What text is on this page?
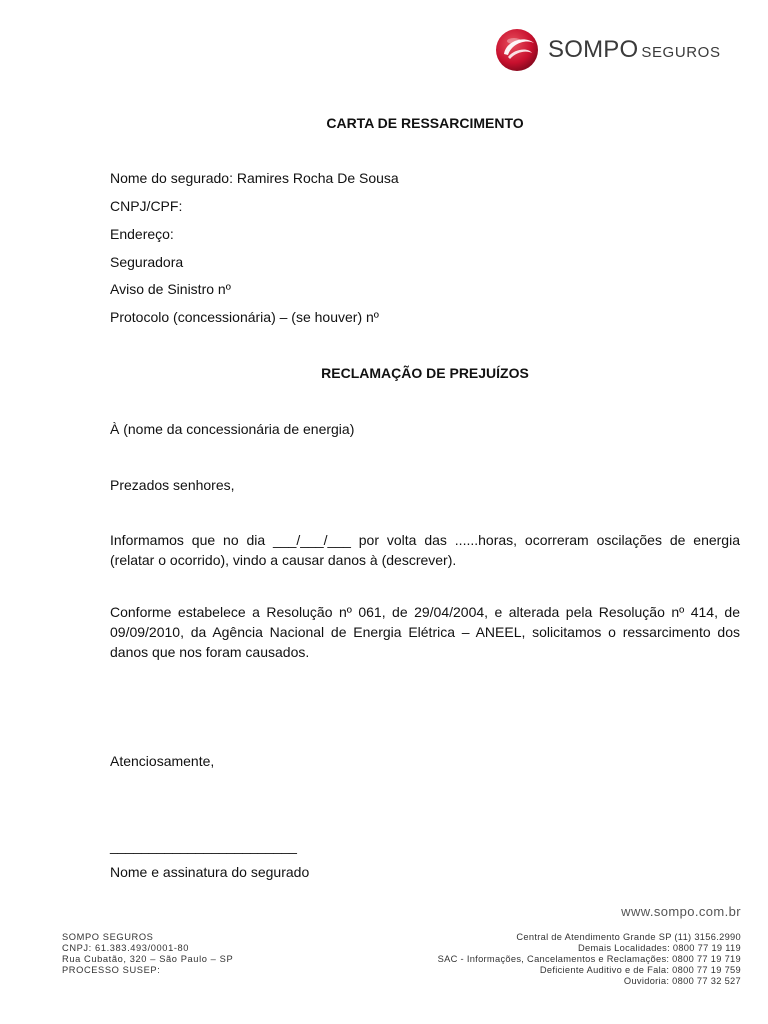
SOMPO SEGUROS
CARTA DE RESSARCIMENTO
Nome do segurado: Ramires Rocha De Sousa
CNPJ/CPF:
Endereço:
Seguradora
Aviso de Sinistro nº
Protocolo (concessionária) – (se houver) nº
RECLAMAÇÃO DE PREJUÍZOS
À (nome da concessionária de energia)
Prezados senhores,
Informamos que no dia ___/___/___ por volta das ......horas, ocorreram oscilações de energia (relatar o ocorrido), vindo a causar danos à (descrever).
Conforme estabelece a Resolução nº 061, de 29/04/2004, e alterada pela Resolução nº 414, de 09/09/2010, da Agência Nacional de Energia Elétrica – ANEEL, solicitamos o ressarcimento dos danos que nos foram causados.
Atenciosamente,
________________________
Nome e assinatura do segurado
www.sompo.com.br
SOMPO SEGUROS
CNPJ: 61.383.493/0001-80
Rua Cubatão, 320 – São Paulo – SP
PROCESSO SUSEP:
Central de Atendimento Grande SP (11) 3156.2990
Demais Localidades: 0800 77 19 119
SAC - Informações, Cancelamentos e Reclamações: 0800 77 19 719
Deficiente Auditivo e de Fala: 0800 77 19 759
Ouvidoria: 0800 77 32 527
